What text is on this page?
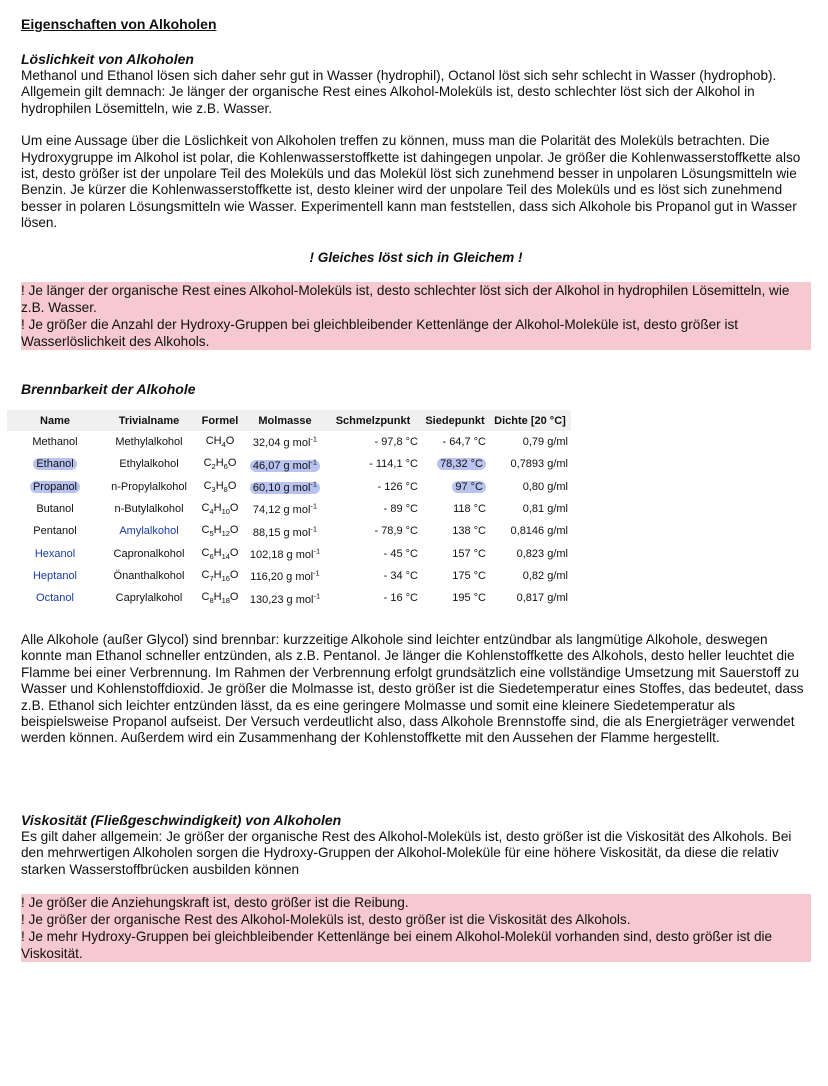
Eigenschaften von Alkoholen
Löslichkeit von Alkoholen

Methanol und Ethanol lösen sich daher sehr gut in Wasser (hydrophil), Octanol löst sich sehr schlecht in Wasser (hydrophob). Allgemein gilt demnach: Je länger der organische Rest eines Alkohol-Moleküls ist, desto schlechter löst sich der Alkohol in hydrophilen Lösemitteln, wie z.B. Wasser.

Um eine Aussage über die Löslichkeit von Alkoholen treffen zu können, muss man die Polarität des Moleküls betrachten. Die Hydroxygruppe im Alkohol ist polar, die Kohlenwasserstoffkette ist dahingegen unpolar. Je größer die Kohlenwasserstoffkette also ist, desto größer ist der unpolare Teil des Moleküls und das Molekül löst sich zunehmend besser in unpolaren Lösungsmitteln wie Benzin. Je kürzer die Kohlenwasserstoffkette ist, desto kleiner wird der unpolare Teil des Moleküls und es löst sich zunehmend besser in polaren Lösungsmitteln wie Wasser. Experimentell kann man feststellen, dass sich Alkohole bis Propanol gut in Wasser lösen.

! Gleiches löst sich in Gleichem !

! Je länger der organische Rest eines Alkohol-Moleküls ist, desto schlechter löst sich der Alkohol in hydrophilen Lösemitteln, wie z.B. Wasser.

! Je größer die Anzahl der Hydroxy-Gruppen bei gleichbleibender Kettenlänge der Alkohol-Moleküle ist, desto größer ist Wasserlöslichkeit des Alkohols.

Brennbarkeit der Alkohole
Name	Trivialname	Formel	Molmasse	Schmelzpunkt	Siedepunkt	Dichte [20 °C]
Methanol	Methylalkohol	$CH_4O$	32,04 g mol$^{-1}$	- 97,8 °C	- 64,7 °C	0,79 g/ml
Ethanol	Ethylalkohol	$C_2H_6O$	46,07 g mol$^{-1}$	- 114,1 °C	78,32 °C	0,7893 g/ml
Propanol	n-Propylalkohol	$C_3H_8O$	60,10 g mol$^{-1}$	- 126 °C	97 °C	0,80 g/ml
Butanol	n-Butylalkohol	$C_4H_{10}O$	74,12 g mol$^{-1}$	- 89 °C	118 °C	0,81 g/ml
Pentanol	Amylalkohol	$C_5H_{12}O$	88,15 g mol$^{-1}$	- 78,9 °C	138 °C	0,8146 g/ml
Hexanol	Capronalkohol	$C_6H_{14}O$	102,18 g mol$^{-1}$	- 45 °C	157 °C	0,823 g/ml
Heptanol	Önanthalkohol	$C_7H_{16}O$	116,20 g mol$^{-1}$	- 34 °C	175 °C	0,82 g/ml
Octanol	Caprylalkohol	$C_8H_{18}O$	130,23 g mol$^{-1}$	- 16 °C	195 °C	0,817 g/ml

Alle Alkohole (außer Glycol) sind brennbar: kurzzeitige Alkohole sind leichter entzündbar als langmütige Alkohole, deswegen konnte man Ethanol schneller entzünden, als z.B. Pentanol. Je länger die Kohlenstoffkette des Alkohols, desto heller leuchtet die Flamme bei einer Verbrennung. Im Rahmen der Verbrennung erfolgt grundsätzlich eine vollständige Umsetzung mit Sauerstoff zu Wasser und Kohlenstoffdioxid. Je größer die Molmasse ist, desto größer ist die Siedetemperatur eines Stoffes, das bedeutet, dass z.B. Ethanol sich leichter entzünden lässt, da es eine geringere Molmasse und somit eine kleinere Siedetemperatur als beispielsweise Propanol aufseist. Der Versuch verdeutlicht also, dass Alkohole Brennstoffe sind, die als Energieträger verwendet werden können. Außerdem wird ein Zusammenhang der Kohlenstoffkette mit den Aussehen der Flamme hergestellt.

Viskosität (Fließgeschwindigkeit) von Alkoholen

Es gilt daher allgemein: Je größer der organische Rest des Alkohol-Moleküls ist, desto größer ist die Viskosität des Alkohols. Bei den mehrwertigen Alkoholen sorgen die Hydroxy-Gruppen der Alkohol-Moleküle für eine höhere Viskosität, da diese die relativ starken Wasserstoffbrücken ausbilden können

! Je größer die Anziehungskraft ist, desto größer ist die Reibung.

! Je größer der organische Rest des Alkohol-Moleküls ist, desto größer ist die Viskosität des Alkohols.

! Je mehr Hydroxy-Gruppen bei gleichbleibender Kettenlänge bei einem Alkohol-Molekül vorhanden sind, desto größer ist die Viskosität.
